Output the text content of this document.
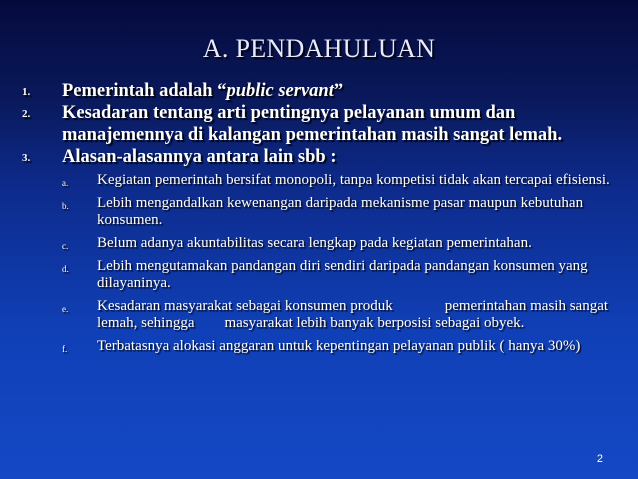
A. PENDAHULUAN
1. Pemerintah adalah “public servant”
2. Kesadaran tentang arti pentingnya pelayanan umum dan manajemennya di kalangan pemerintahan masih sangat lemah.
3. Alasan-alasannya antara lain sbb :
a. Kegiatan pemerintah bersifat monopoli, tanpa kompetisi tidak akan tercapai efisiensi.
b. Lebih mengandalkan kewenangan daripada mekanisme pasar maupun kebutuhan konsumen.
c. Belum adanya akuntabilitas secara lengkap pada kegiatan pemerintahan.
d. Lebih mengutamakan pandangan diri sendiri daripada pandangan konsumen yang dilayaninya.
e. Kesadaran masyarakat sebagai konsumen produk	pemerintahan masih sangat lemah, sehingga masyarakat lebih banyak berposisi sebagai obyek.
f. Terbatasnya alokasi anggaran untuk kepentingan pelayanan publik ( hanya 30%)
2
